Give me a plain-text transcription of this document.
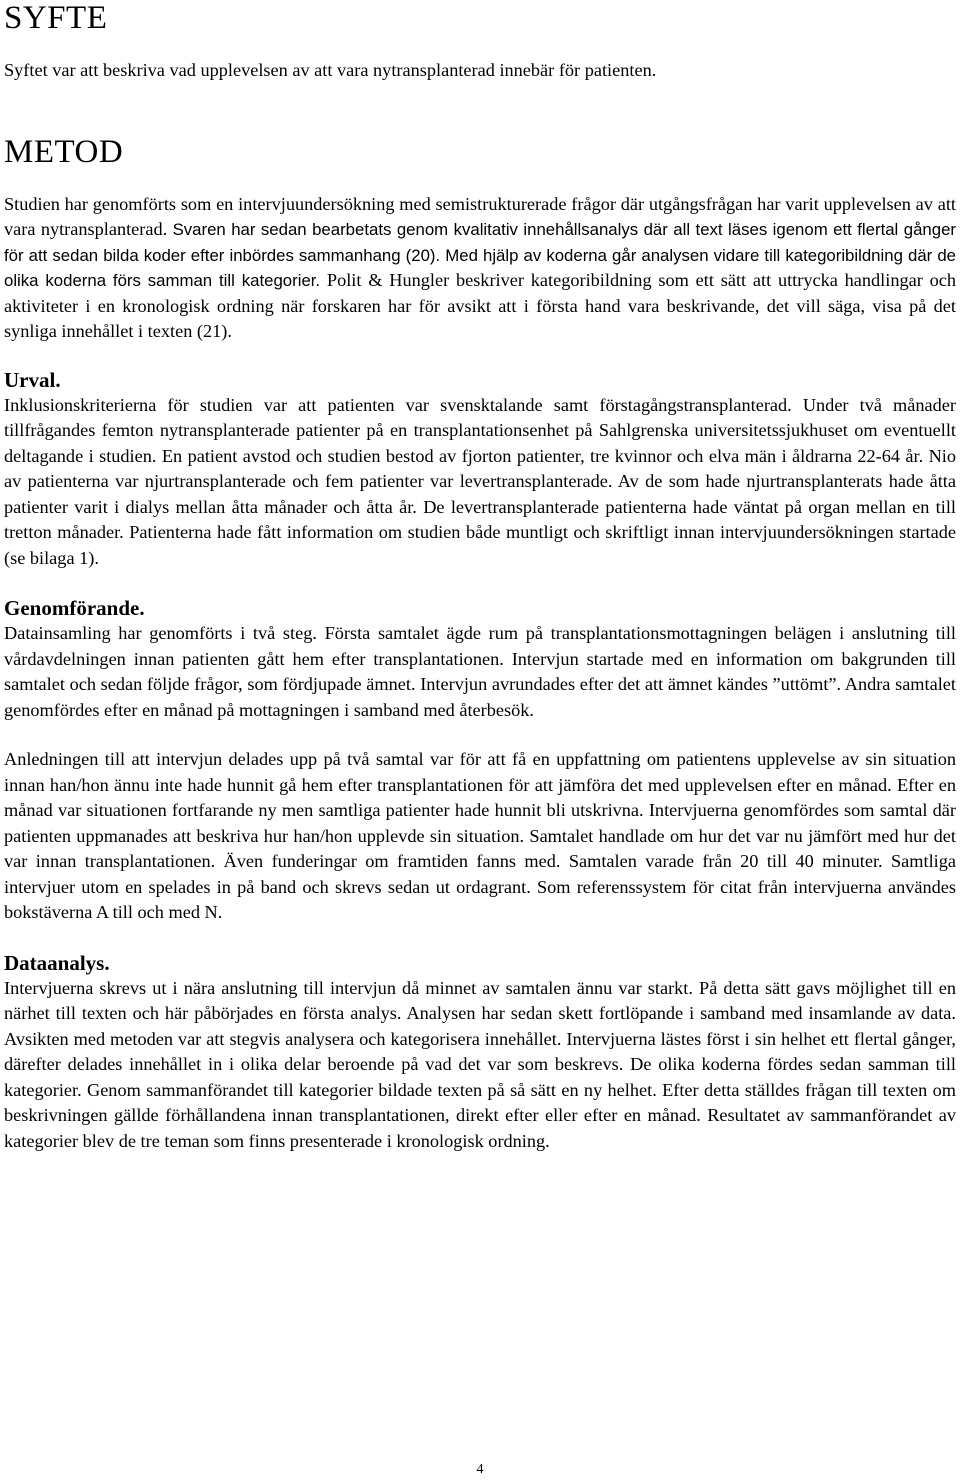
SYFTE

Syftet var att beskriva vad upplevelsen av att vara nytransplanterad innebär för patienten.

METOD

Studien har genomförts som en intervjuundersökning med semistrukturerade frågor där utgångsfrågan har varit upplevelsen av att vara nytransplanterad. Svaren har sedan bearbetats genom kvalitativ innehållsanalys där all text läses igenom ett flertal gånger för att sedan bilda koder efter inbördes sammanhang (20). Med hjälp av koderna går analysen vidare till kategoribildning där de olika koderna förs samman till kategorier. Polit & Hungler beskriver kategoribildning som ett sätt att uttrycka handlingar och aktiviteter i en kronologisk ordning när forskaren har för avsikt att i första hand vara beskrivande, det vill säga, visa på det synliga innehållet i texten (21).

Urval.

Inklusionskriterierna för studien var att patienten var svensktalande samt förstagångstransplanterad. Under två månader tillfrågandes femton nytransplanterade patienter på en transplantationsenhet på Sahlgrenska universitetssjukhuset om eventuellt deltagande i studien. En patient avstod och studien bestod av fjorton patienter, tre kvinnor och elva män i åldrarna 22-64 år. Nio av patienterna var njurtransplanterade och fem patienter var levertransplanterade. Av de som hade njurtransplanterats hade åtta patienter varit i dialys mellan åtta månader och åtta år. De levertransplanterade patienterna hade väntat på organ mellan en till tretton månader. Patienterna hade fått information om studien både muntligt och skriftligt innan intervjuundersökningen startade (se bilaga 1).

Genomförande.

Datainsamling har genomförts i två steg. Första samtalet ägde rum på transplantationsmottagningen belägen i anslutning till vårdavdelningen innan patienten gått hem efter transplantationen. Intervjun startade med en information om bakgrunden till samtalet och sedan följde frågor, som fördjupade ämnet. Intervjun avrundades efter det att ämnet kändes ”uttömt”. Andra samtalet genomfördes efter en månad på mottagningen i samband med återbesök.

Anledningen till att intervjun delades upp på två samtal var för att få en uppfattning om patientens upplevelse av sin situation innan han/hon ännu inte hade hunnit gå hem efter transplantationen för att jämföra det med upplevelsen efter en månad. Efter en månad var situationen fortfarande ny men samtliga patienter hade hunnit bli utskrivna. Intervjuerna genomfördes som samtal där patienten uppmanades att beskriva hur han/hon upplevde sin situation. Samtalet handlade om hur det var nu jämfört med hur det var innan transplantationen. Även funderingar om framtiden fanns med. Samtalen varade från 20 till 40 minuter. Samtliga intervjuer utom en spelades in på band och skrevs sedan ut ordagrant. Som referenssystem för citat från intervjuerna användes bokstäverna A till och med N.

Dataanalys.

Intervjuerna skrevs ut i nära anslutning till intervjun då minnet av samtalen ännu var starkt. På detta sätt gavs möjlighet till en närhet till texten och här påbörjades en första analys. Analysen har sedan skett fortlöpande i samband med insamlande av data. Avsikten med metoden var att stegvis analysera och kategorisera innehållet. Intervjuerna lästes först i sin helhet ett flertal gånger, därefter delades innehållet in i olika delar beroende på vad det var som beskrevs. De olika koderna fördes sedan samman till kategorier. Genom sammanförandet till kategorier bildade texten på så sätt en ny helhet. Efter detta ställdes frågan till texten om beskrivningen gällde förhållandena innan transplantationen, direkt efter eller efter en månad. Resultatet av sammanförandet av kategorier blev de tre teman som finns presenterade i kronologisk ordning.

4
